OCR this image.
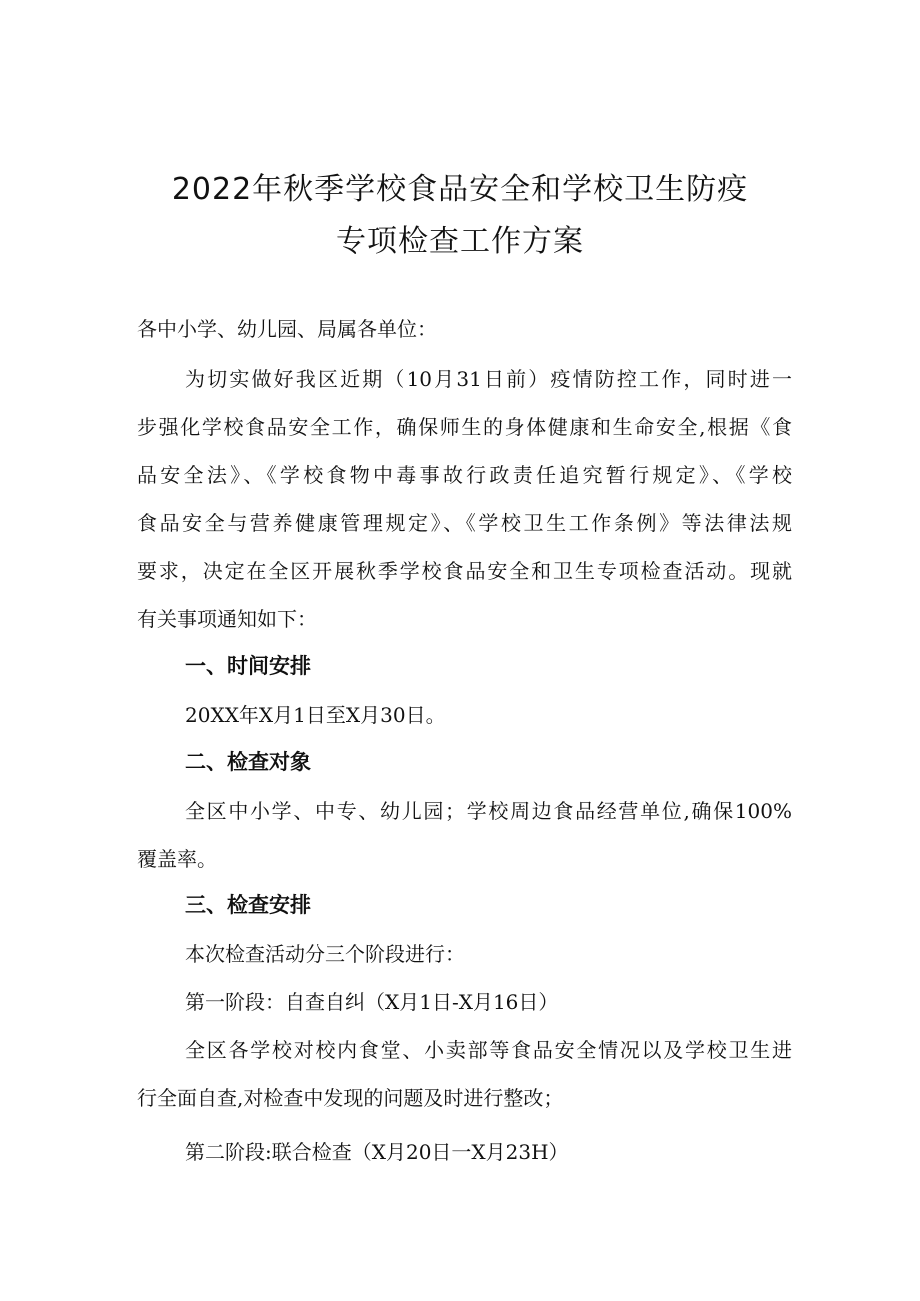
2022年秋季学校食品安全和学校卫生防疫
专项检查工作方案

各中小学、幼儿园、局属各单位：

为切实做好我区近期（10月31日前）疫情防控工作，同时进一

步强化学校食品安全工作，确保师生的身体健康和生命安全,根据《食

品安全法》、《学校食物中毒事故行政责任追究暂行规定》、《学校

食品安全与营养健康管理规定》、《学校卫生工作条例》等法律法规

要求，决定在全区开展秋季学校食品安全和卫生专项检查活动。现就

有关事项通知如下：

一、时间安排

20XX年X月1日至X月30日。

二、检查对象

全区中小学、中专、幼儿园；学校周边食品经营单位,确保100%

覆盖率。

三、检查安排

本次检查活动分三个阶段进行：

第一阶段：自查自纠（X月1日-X月16日）

全区各学校对校内食堂、小卖部等食品安全情况以及学校卫生进

行全面自查,对检查中发现的问题及时进行整改；

第二阶段:联合检查（X月20日一X月23H）
